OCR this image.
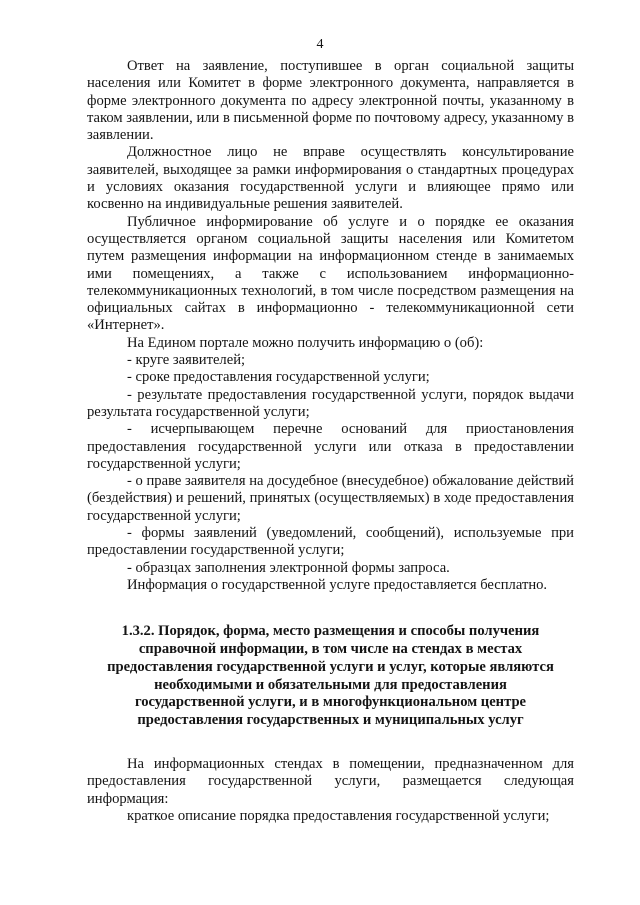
4

Ответ на заявление, поступившее в орган социальной защиты населения или Комитет в форме электронного документа, направляется в форме электронного документа по адресу электронной почты, указанному в таком заявлении, или в письменной форме по почтовому адресу, указанному в заявлении.

Должностное лицо не вправе осуществлять консультирование заявителей, выходящее за рамки информирования о стандартных процедурах и условиях оказания государственной услуги и влияющее прямо или косвенно на индивидуальные решения заявителей.

Публичное информирование об услуге и о порядке ее оказания осуществляется органом социальной защиты населения или Комитетом путем размещения информации на информационном стенде в занимаемых ими помещениях, а также с использованием информационно-телекоммуникационных технологий, в том числе посредством размещения на официальных сайтах в информационно - телекоммуникационной сети «Интернет».

На Едином портале можно получить информацию о (об):

- круге заявителей;

- сроке предоставления государственной услуги;

- результате предоставления государственной услуги, порядок выдачи результата государственной услуги;

- исчерпывающем перечне оснований для приостановления предоставления государственной услуги или отказа в предоставлении государственной услуги;

- о праве заявителя на досудебное (внесудебное) обжалование действий (бездействия) и решений, принятых (осуществляемых) в ходе предоставления государственной услуги;

- формы заявлений (уведомлений, сообщений), используемые при предоставлении государственной услуги;

- образцах заполнения электронной формы запроса.

Информация о государственной услуге предоставляется бесплатно.

1.3.2. Порядок, форма, место размещения и способы получения
справочной информации, в том числе на стендах в местах
предоставления государственной услуги и услуг, которые являются
необходимыми и обязательными для предоставления
государственной услуги, и в многофункциональном центре
предоставления государственных и муниципальных услуг

На информационных стендах в помещении, предназначенном для предоставления государственной услуги, размещается следующая информация:

краткое описание порядка предоставления государственной услуги;
